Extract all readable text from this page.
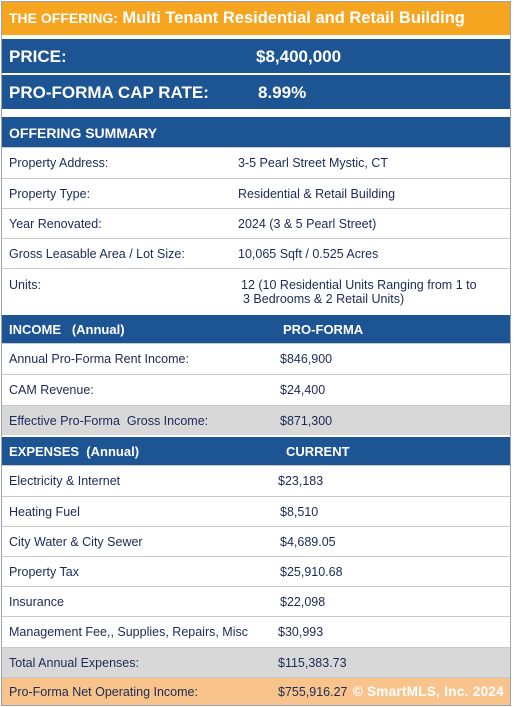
THE OFFERING: Multi Tenant Residential and Retail Building
PRICE:	$8,400,000
PRO-FORMA CAP RATE:	8.99%
OFFERING SUMMARY
Property Address:	3-5 Pearl Street Mystic, CT
Property Type:	Residential & Retail Building
Year Renovated:	2024 (3 & 5 Pearl Street)
Gross Leasable Area / Lot Size:	10,065 Sqft / 0.525 Acres
Units:	12 (10 Residential Units Ranging from 1 to
3 Bedrooms & 2 Retail Units)
INCOME   (Annual)	PRO-FORMA
Annual Pro-Forma Rent Income:	$846,900
CAM Revenue:	$24,400
Effective Pro-Forma  Gross Income:	$871,300
EXPENSES  (Annual)	CURRENT
Electricity & Internet	$23,183
Heating Fuel	$8,510
City Water & City Sewer	$4,689.05
Property Tax	$25,910.68
Insurance	$22,098
Management Fee,, Supplies, Repairs, Misc $30,993
Total Annual Expenses:	$115,383.73
Pro-Forma Net Operating Income:	$755,916.27 © SmartMLS, Inc. 2024
